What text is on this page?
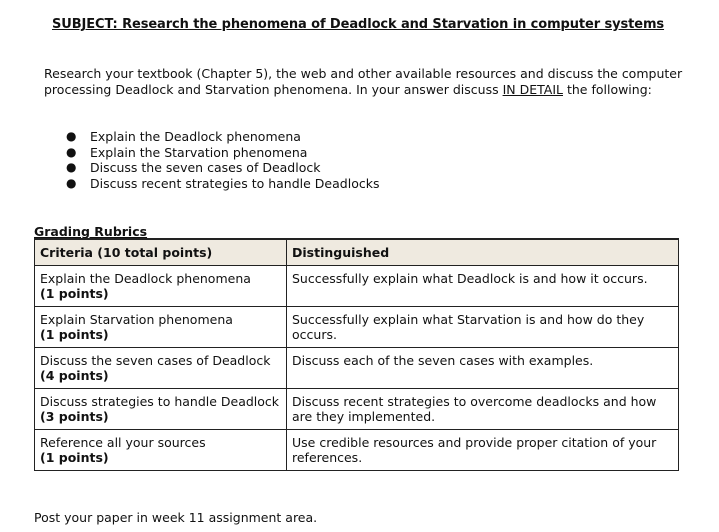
SUBJECT: Research the phenomena of Deadlock and Starvation in computer systems
Research your textbook (Chapter 5), the web and other available resources and discuss the computer processing Deadlock and Starvation phenomena. In your answer discuss IN DETAIL the following:
● Explain the Deadlock phenomena
● Explain the Starvation phenomena
● Discuss the seven cases of Deadlock
● Discuss recent strategies to handle Deadlocks
Grading Rubrics
Criteria (10 total points)	Distinguished
Explain the Deadlock phenomena
(1 points)	Successfully explain what Deadlock is and how it occurs.
Explain Starvation phenomena
(1 points)	Successfully explain what Starvation is and how do they occurs.
Discuss the seven cases of Deadlock
(4 points)	Discuss each of the seven cases with examples.
Discuss strategies to handle Deadlock
(3 points)	Discuss recent strategies to overcome deadlocks and how are they implemented.
Reference all your sources
(1 points)	Use credible resources and provide proper citation of your references.
Post your paper in week 11 assignment area.
